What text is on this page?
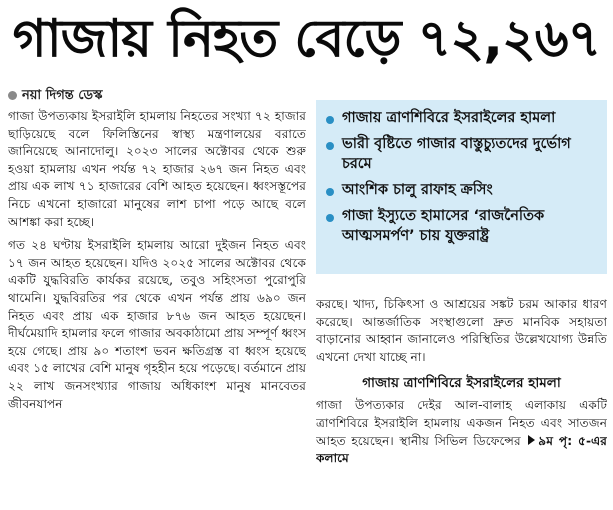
গাজায় নিহত বেড়ে ৭২,২৬৭
নয়া দিগন্ত ডেস্ক

গাজা উপত্যকায় ইসরাইলি হামলায় নিহতের সংখ্যা ৭২ হাজার ছাড়িয়েছে বলে ফিলিস্তিনের স্বাস্থ্য মন্ত্রণালয়ের বরাতে জানিয়েছে আনাদোলু। ২০২৩ সালের অক্টোবর থেকে শুরু হওয়া হামলায় এখন পর্যন্ত ৭২ হাজার ২৬৭ জন নিহত এবং প্রায় এক লাখ ৭১ হাজারের বেশি আহত হয়েছেন। ধ্বংসস্তূপের নিচে এখনো হাজারো মানুষের লাশ চাপা পড়ে আছে বলে আশঙ্কা করা হচ্ছে।

গত ২৪ ঘণ্টায় ইসরাইলি হামলায় আরো দুইজন নিহত এবং ১৭ জন আহত হয়েছেন। যদিও ২০২৫ সালের অক্টোবর থেকে একটি যুদ্ধবিরতি কার্যকর রয়েছে, তবুও সহিংসতা পুরোপুরি থামেনি। যুদ্ধবিরতির পর থেকে এখন পর্যন্ত প্রায় ৬৯০ জন নিহত এবং প্রায় এক হাজার ৮৭৬ জন আহত হয়েছেন। দীর্ঘমেয়াদি হামলার ফলে গাজার অবকাঠামো প্রায় সম্পূর্ণ ধ্বংস হয়ে গেছে। প্রায় ৯০ শতাংশ ভবন ক্ষতিগ্রস্ত বা ধ্বংস হয়েছে এবং ১৫ লাখের বেশি মানুষ গৃহহীন হয়ে পড়েছে। বর্তমানে প্রায় ২২ লাখ জনসংখ্যার গাজায় অধিকাংশ মানুষ মানবেতর জীবনযাপন

গাজায় ত্রাণশিবিরে ইসরাইলের হামলা
ভারী বৃষ্টিতে গাজার বাস্তুচ্যুতদের দুর্ভোগ চরমে
আংশিক চালু রাফাহ ক্রসিং
গাজা ইস্যুতে হামাসের ‘রাজনৈতিক আত্মসমর্পণ’ চায় যুক্তরাষ্ট্র

করছে। খাদ্য, চিকিৎসা ও আশ্রয়ের সঙ্কট চরম আকার ধারণ করেছে। আন্তর্জাতিক সংস্থাগুলো দ্রুত মানবিক সহায়তা বাড়ানোর আহ্বান জানালেও পরিস্থিতির উল্লেখযোগ্য উন্নতি এখনো দেখা যাচ্ছে না।

গাজায় ত্রাণশিবিরে ইসরাইলের হামলা

গাজা উপত্যকার দেইর আল-বালাহ এলাকায় একটি ত্রাণশিবিরে ইসরাইলি হামলায় একজন নিহত এবং সাতজন আহত হয়েছেন। স্থানীয় সিভিল ডিফেন্সের ৯ম পৃ: ৫-এর কলামে
